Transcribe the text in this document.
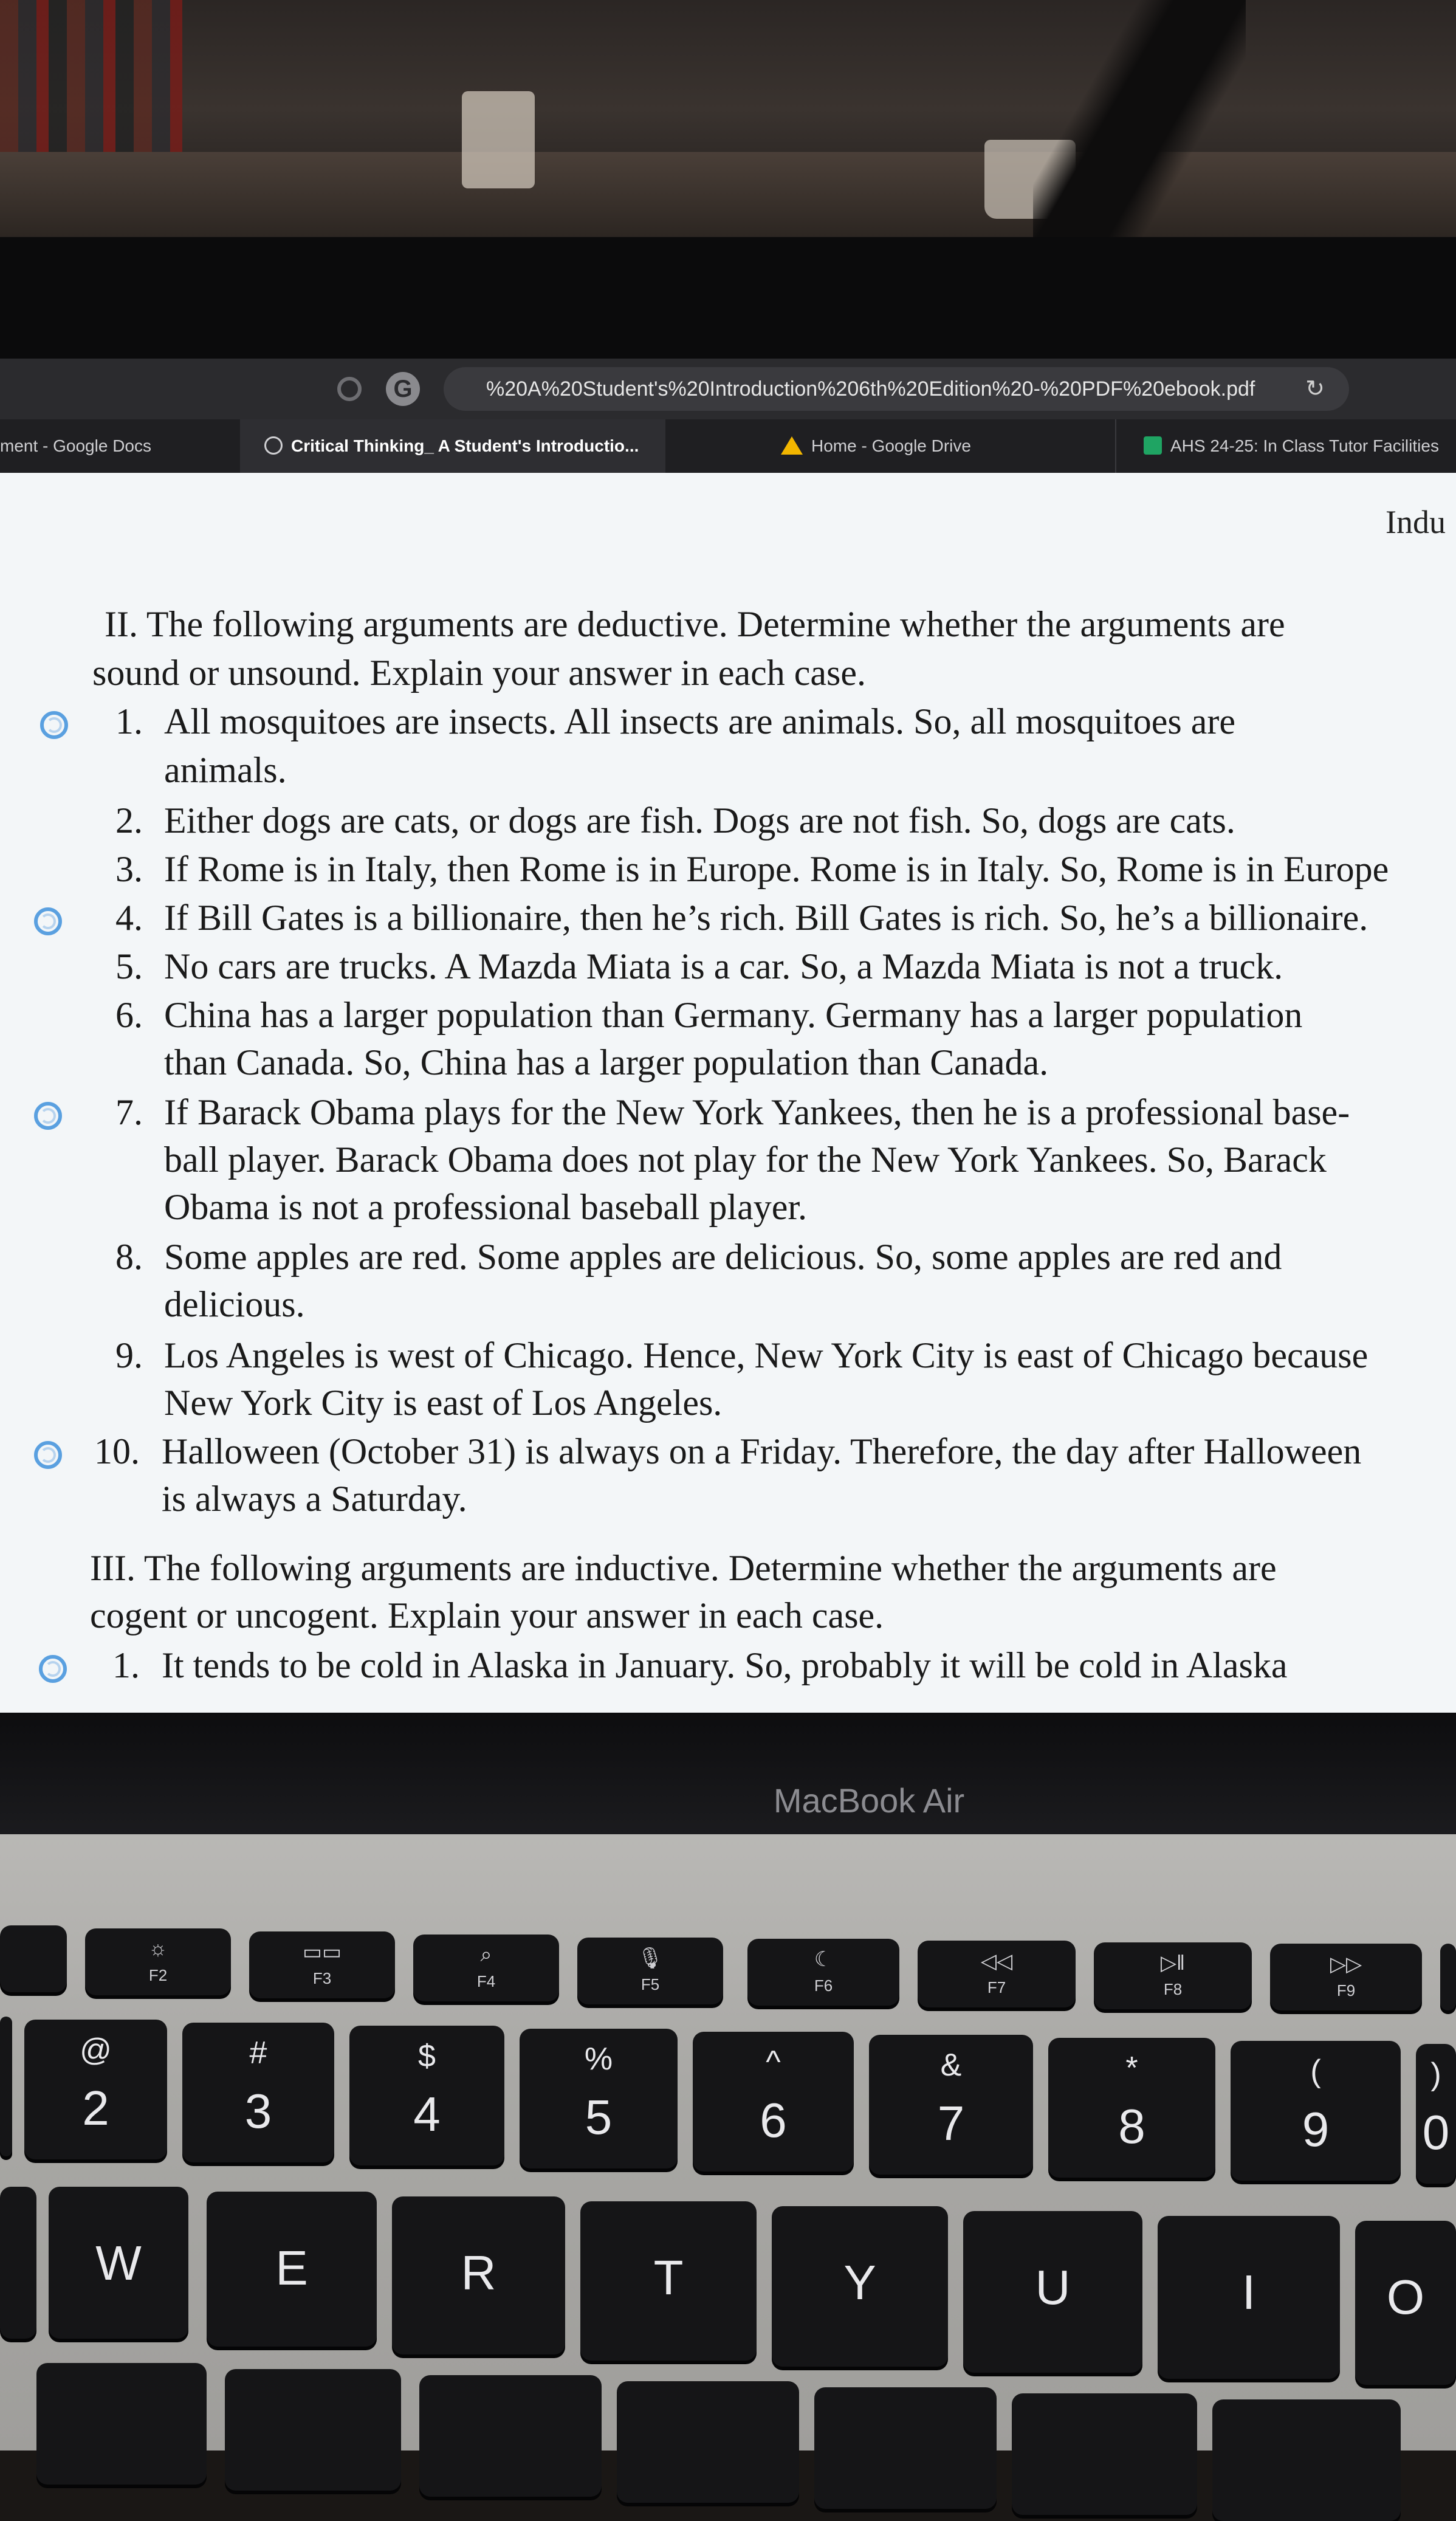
G	%20A%20Student's%20Introduction%206th%20Edition%20-%20PDF%20ebook.pdf ↻
ment - Google Docs	Critical Thinking_ A Student's Introductio...	Home - Google Drive	AHS 24-25: In Class Tutor Facilities
Indu
II. The following arguments are deductive. Determine whether the arguments are
sound or unsound. Explain your answer in each case.
1. All mosquitoes are insects. All insects are animals. So, all mosquitoes are
animals.
2. Either dogs are cats, or dogs are fish. Dogs are not fish. So, dogs are cats.
3. If Rome is in Italy, then Rome is in Europe. Rome is in Italy. So, Rome is in Europe
4. If Bill Gates is a billionaire, then he’s rich. Bill Gates is rich. So, he’s a billionaire.
5. No cars are trucks. A Mazda Miata is a car. So, a Mazda Miata is not a truck.
6. China has a larger population than Germany. Germany has a larger population
than Canada. So, China has a larger population than Canada.
7. If Barack Obama plays for the New York Yankees, then he is a professional base-
ball player. Barack Obama does not play for the New York Yankees. So, Barack
Obama is not a professional baseball player.
8. Some apples are red. Some apples are delicious. So, some apples are red and
delicious.
9. Los Angeles is west of Chicago. Hence, New York City is east of Chicago because
New York City is east of Los Angeles.
10. Halloween (October 31) is always on a Friday. Therefore, the day after Halloween
is always a Saturday.
III. The following arguments are inductive. Determine whether the arguments are
cogent or uncogent. Explain your answer in each case.
1. It tends to be cold in Alaska in January. So, probably it will be cold in Alaska
MacBook Air
☼
F2
▭▭
F3
⌕
F4
🎙
F5
☾
F6
◁◁
F7
▷‖
F8
▷▷
F9
@
2
#
3
$
4
%
5
^
6
&
7
*
8
(
9
)
0
W	E	R	T	Y	U	I	O
